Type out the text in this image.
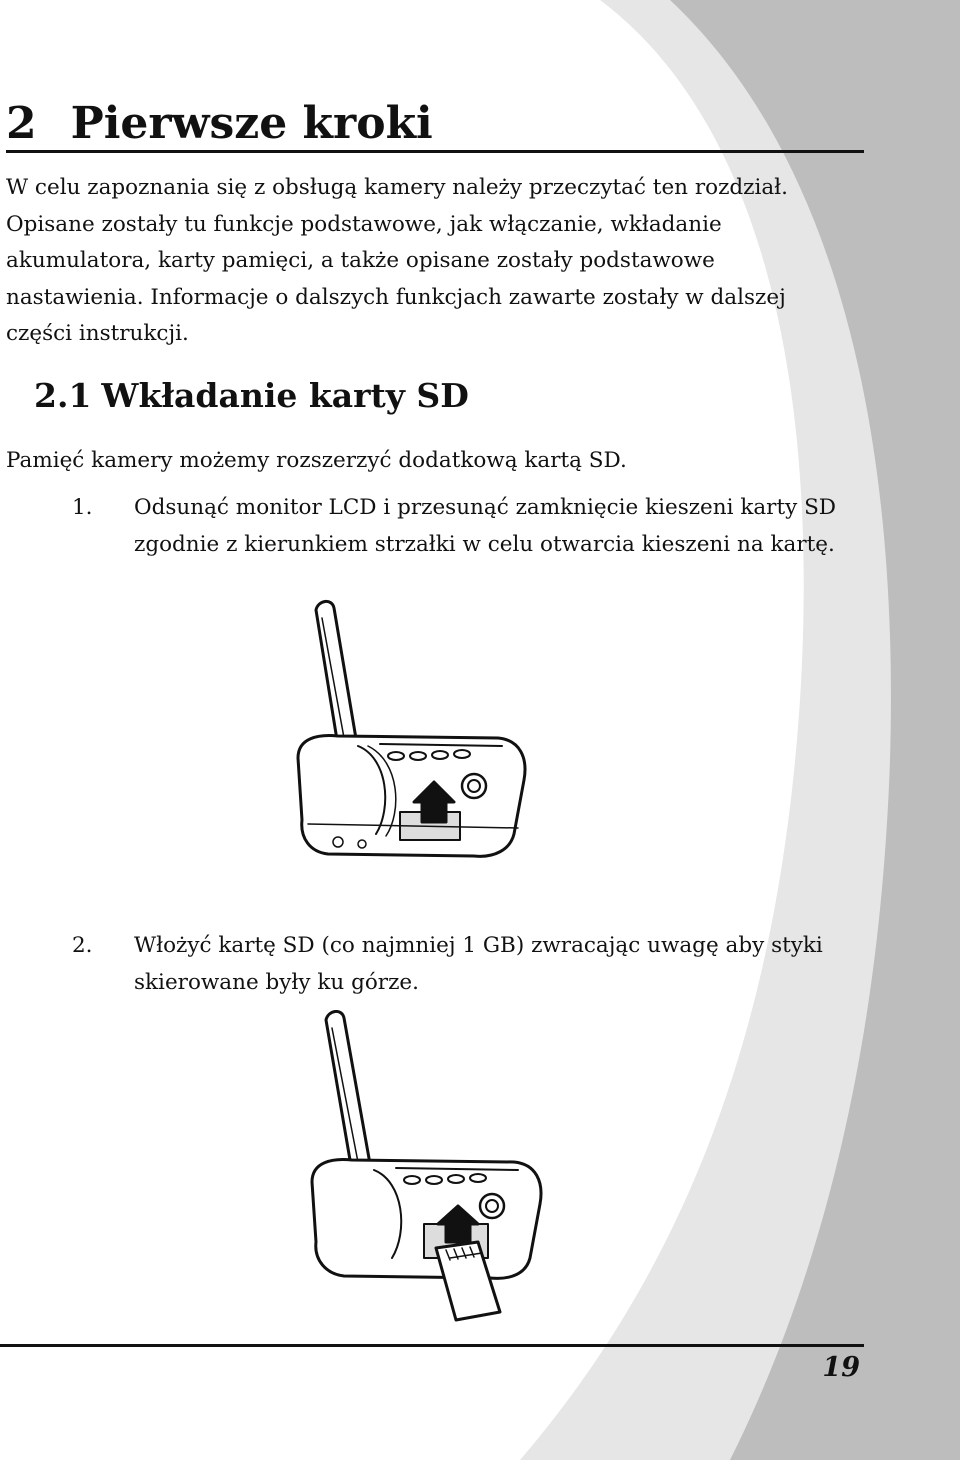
2 Pierwsze kroki

W celu zapoznania się z obsługą kamery należy przeczytać ten rozdział. Opisane zostały tu funkcje podstawowe, jak włączanie, wkładanie akumulatora, karty pamięci, a także opisane zostały podstawowe nastawienia. Informacje o dalszych funkcjach zawarte zostały w dalszej części instrukcji.

2.1 Wkładanie karty SD

Pamięć kamery możemy rozszerzyć dodatkową kartą SD.

1. Odsunąć monitor LCD i przesunąć zamknięcie kieszeni karty SD zgodnie z kierunkiem strzałki w celu otwarcia kieszeni na kartę.
2. Włożyć kartę SD (co najmniej 1 GB) zwracając uwagę aby styki skierowane były ku górze.

19
